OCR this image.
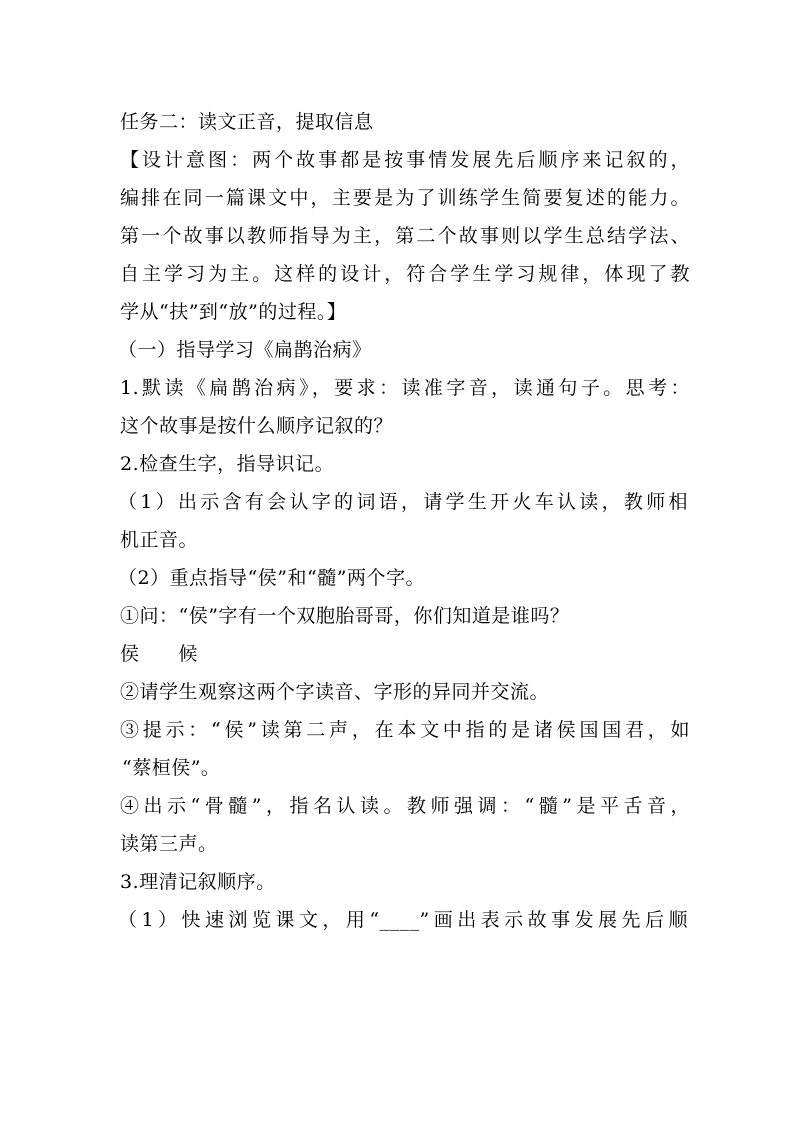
任务二：读文正音，提取信息
【设计意图：两个故事都是按事情发展先后顺序来记叙的，
编排在同一篇课文中，主要是为了训练学生简要复述的能力。
第一个故事以教师指导为主，第二个故事则以学生总结学法、
自主学习为主。这样的设计，符合学生学习规律，体现了教
学从“扶”到“放”的过程。】
（一）指导学习《扁鹊治病》
1.默读《扁鹊治病》，要求：读准字音，读通句子。思考：
这个故事是按什么顺序记叙的？
2.检查生字，指导识记。
（1）出示含有会认字的词语，请学生开火车认读，教师相
机正音。
（2）重点指导“侯”和“髓”两个字。
①问：“侯”字有一个双胞胎哥哥，你们知道是谁吗？
侯　　候
②请学生观察这两个字读音、字形的异同并交流。
③提示：“侯”读第二声，在本文中指的是诸侯国国君，如
“蔡桓侯”。
④出示“骨髓”，指名认读。教师强调：“髓”是平舌音，
读第三声。
3.理清记叙顺序。
（1）快速浏览课文，用“____”画出表示故事发展先后顺
